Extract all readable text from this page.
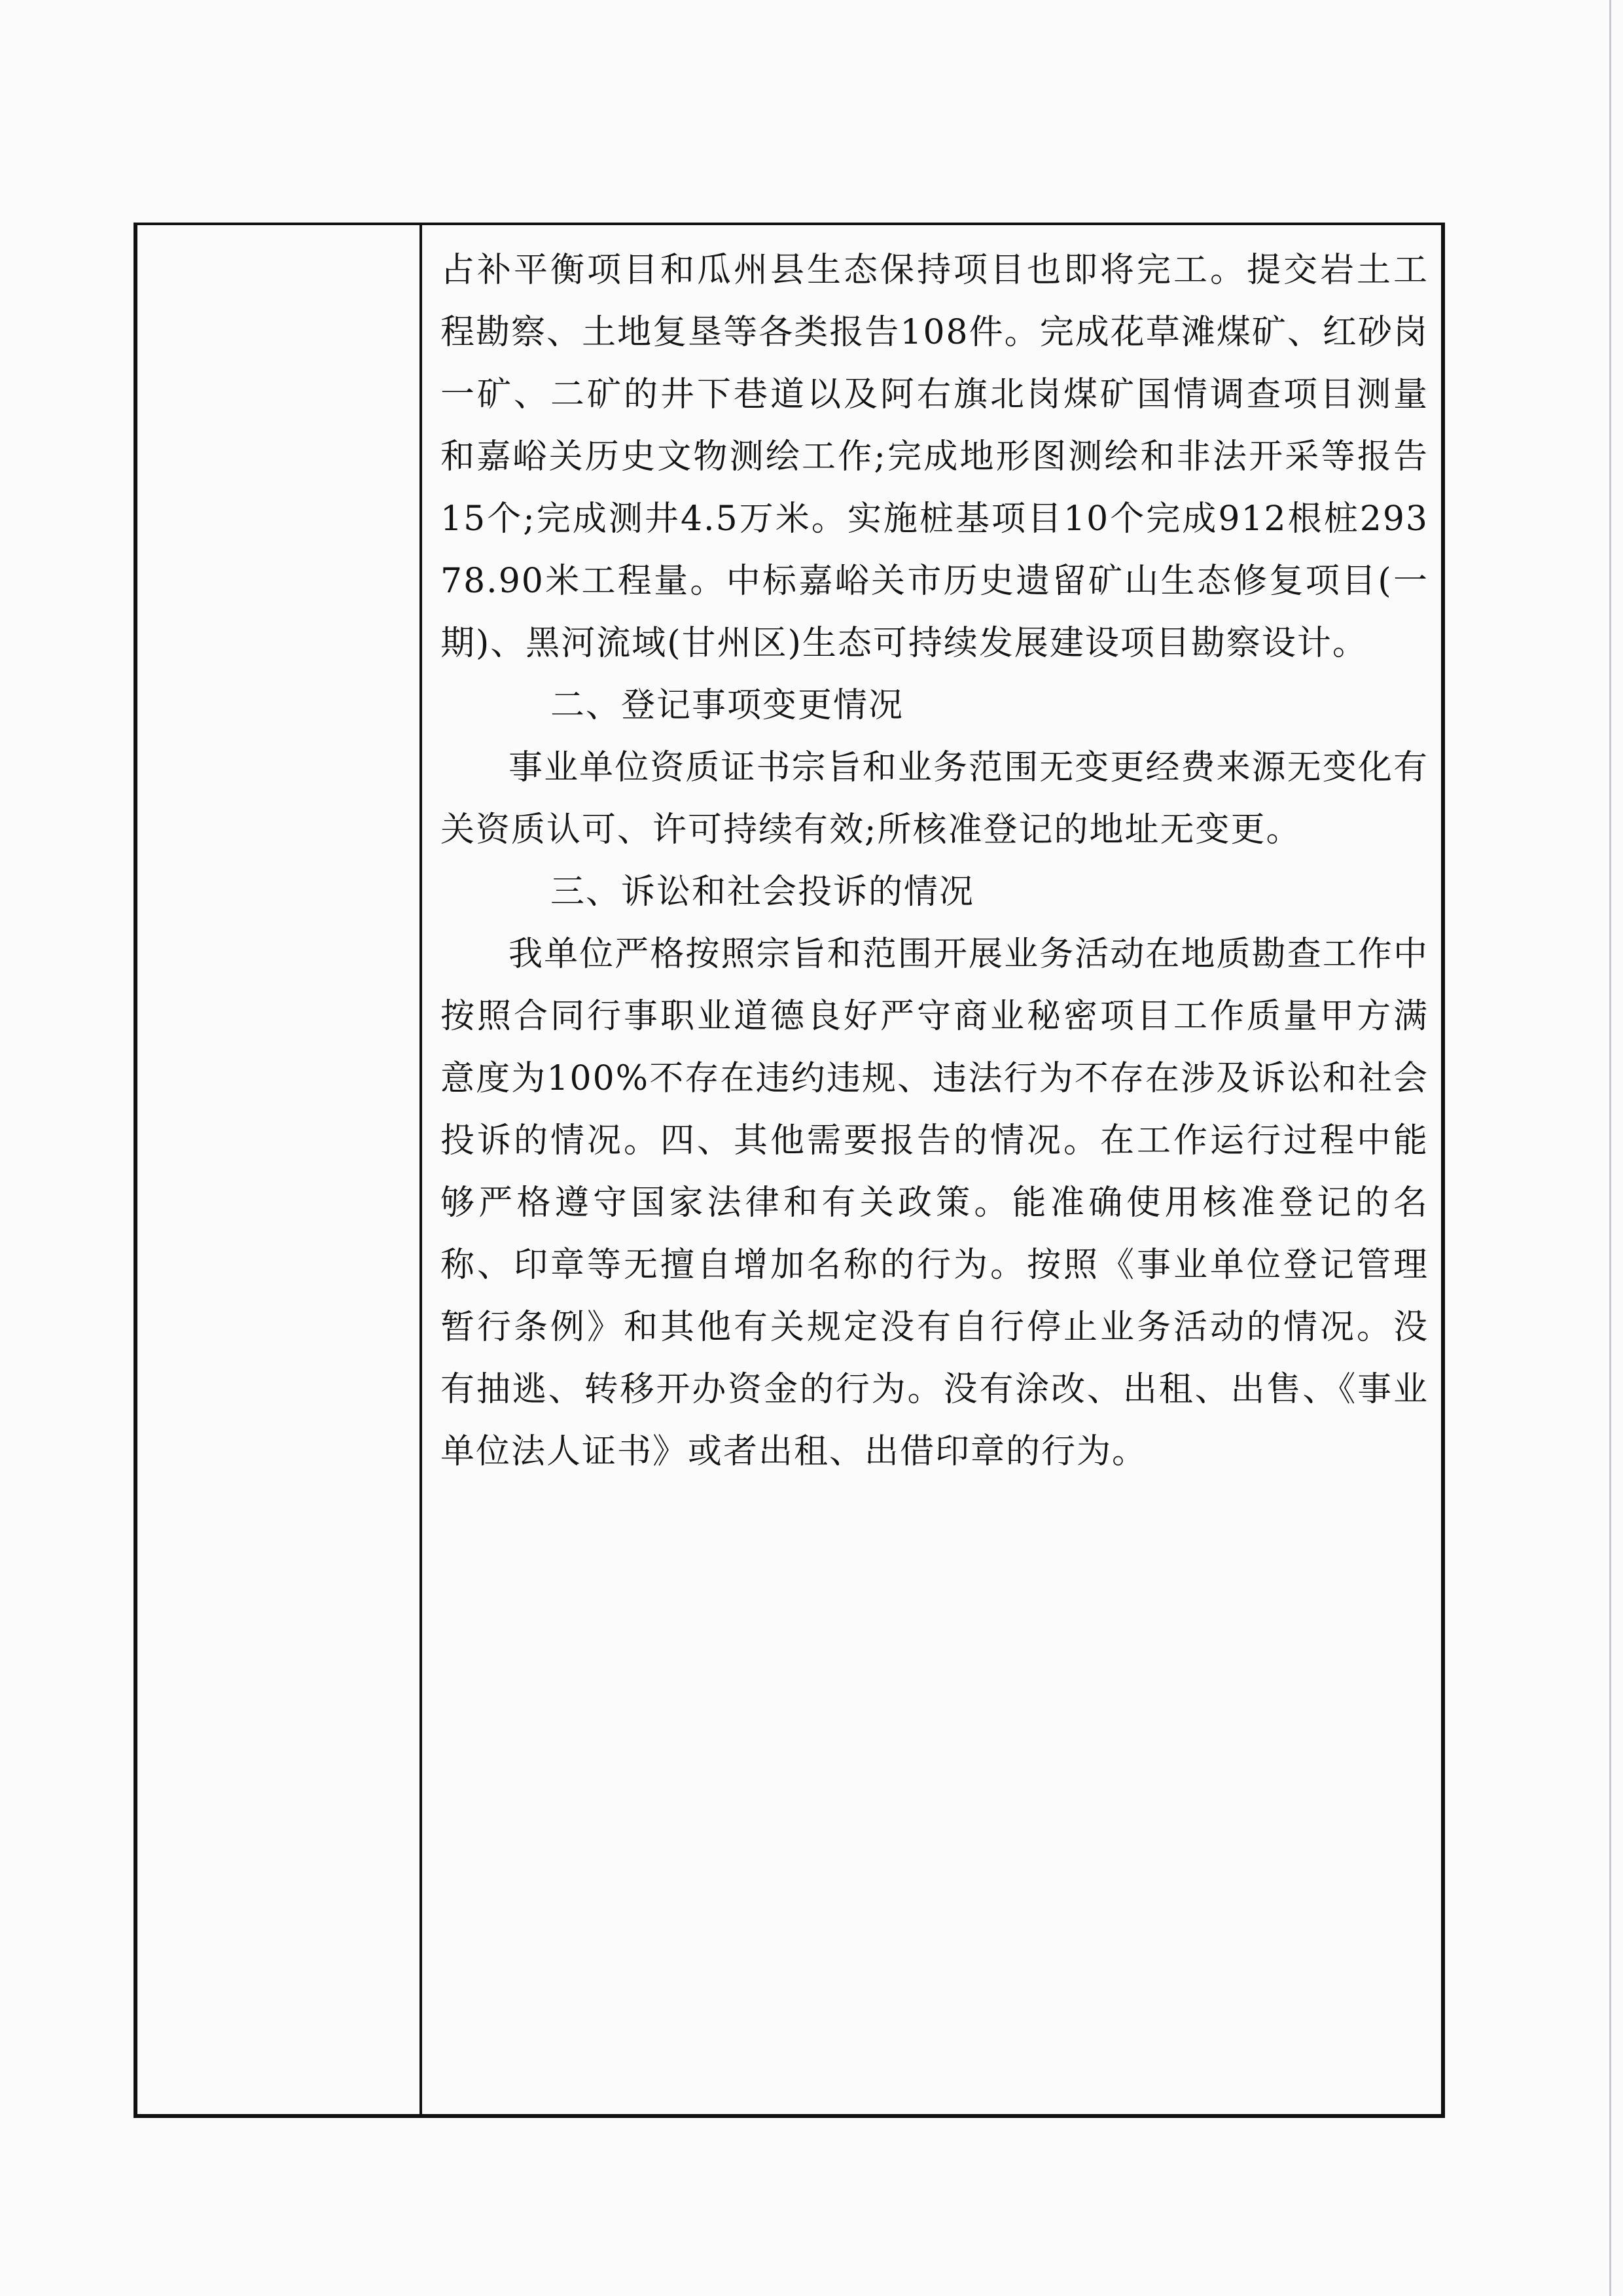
占补平衡项目和瓜州县生态保持项目也即将完工。提交岩土工程勘察、土地复垦等各类报告108件。完成花草滩煤矿、红砂岗一矿、二矿的井下巷道以及阿右旗北岗煤矿国情调查项目测量和嘉峪关历史文物测绘工作;完成地形图测绘和非法开采等报告15个;完成测井4.5万米。实施桩基项目10个完成912根桩29378.90米工程量。中标嘉峪关市历史遗留矿山生态修复项目(一期)、黑河流域(甘州区)生态可持续发展建设项目勘察设计。

二、登记事项变更情况

事业单位资质证书宗旨和业务范围无变更经费来源无变化有关资质认可、许可持续有效;所核准登记的地址无变更。

三、诉讼和社会投诉的情况

我单位严格按照宗旨和范围开展业务活动在地质勘查工作中按照合同行事职业道德良好严守商业秘密项目工作质量甲方满意度为100%不存在违约违规、违法行为不存在涉及诉讼和社会投诉的情况。四、其他需要报告的情况。在工作运行过程中能够严格遵守国家法律和有关政策。能准确使用核准登记的名称、印章等无擅自增加名称的行为。按照《事业单位登记管理暂行条例》和其他有关规定没有自行停止业务活动的情况。没有抽逃、转移开办资金的行为。没有涂改、出租、出售、《事业单位法人证书》或者出租、出借印章的行为。
